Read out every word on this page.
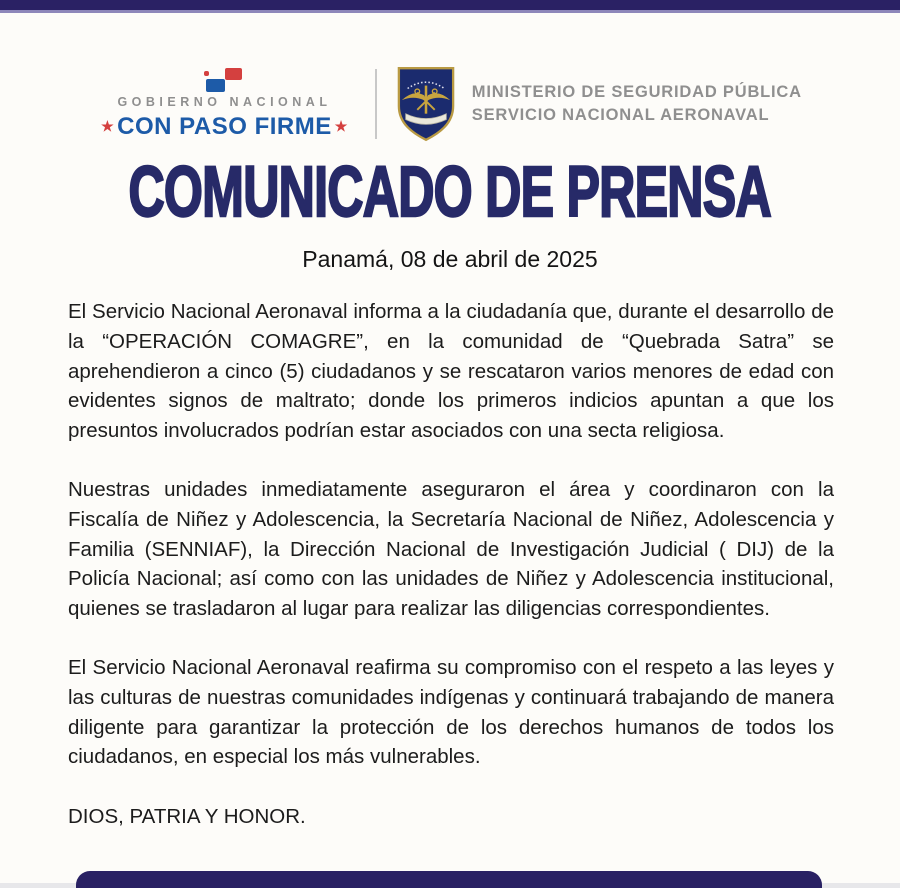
GOBIERNO NACIONAL
★ CON PASO FIRME ★
MINISTERIO DE SEGURIDAD PÚBLICA
SERVICIO NACIONAL AERONAVAL
COMUNICADO DE PRENSA
Panamá, 08 de abril de 2025

El Servicio Nacional Aeronaval informa a la ciudadanía que, durante el desarrollo de la “OPERACIÓN COMAGRE”, en la comunidad de “Quebrada Satra” se aprehendieron a cinco (5) ciudadanos y se rescataron varios menores de edad con evidentes signos de maltrato; donde los primeros indicios apuntan a que los presuntos involucrados podrían estar asociados con una secta religiosa.

Nuestras unidades inmediatamente aseguraron el área y coordinaron con la Fiscalía de Niñez y Adolescencia, la Secretaría Nacional de Niñez, Adolescencia y Familia (SENNIAF), la Dirección Nacional de Investigación Judicial ( DIJ) de la Policía Nacional; así como con las unidades de Niñez y Adolescencia institucional, quienes se trasladaron al lugar para realizar las diligencias correspondientes.

El Servicio Nacional Aeronaval reafirma su compromiso con el respeto a las leyes y las culturas de nuestras comunidades indígenas y continuará trabajando de manera diligente para garantizar la protección de los derechos humanos de todos los ciudadanos, en especial los más vulnerables.

DIOS, PATRIA Y HONOR.
